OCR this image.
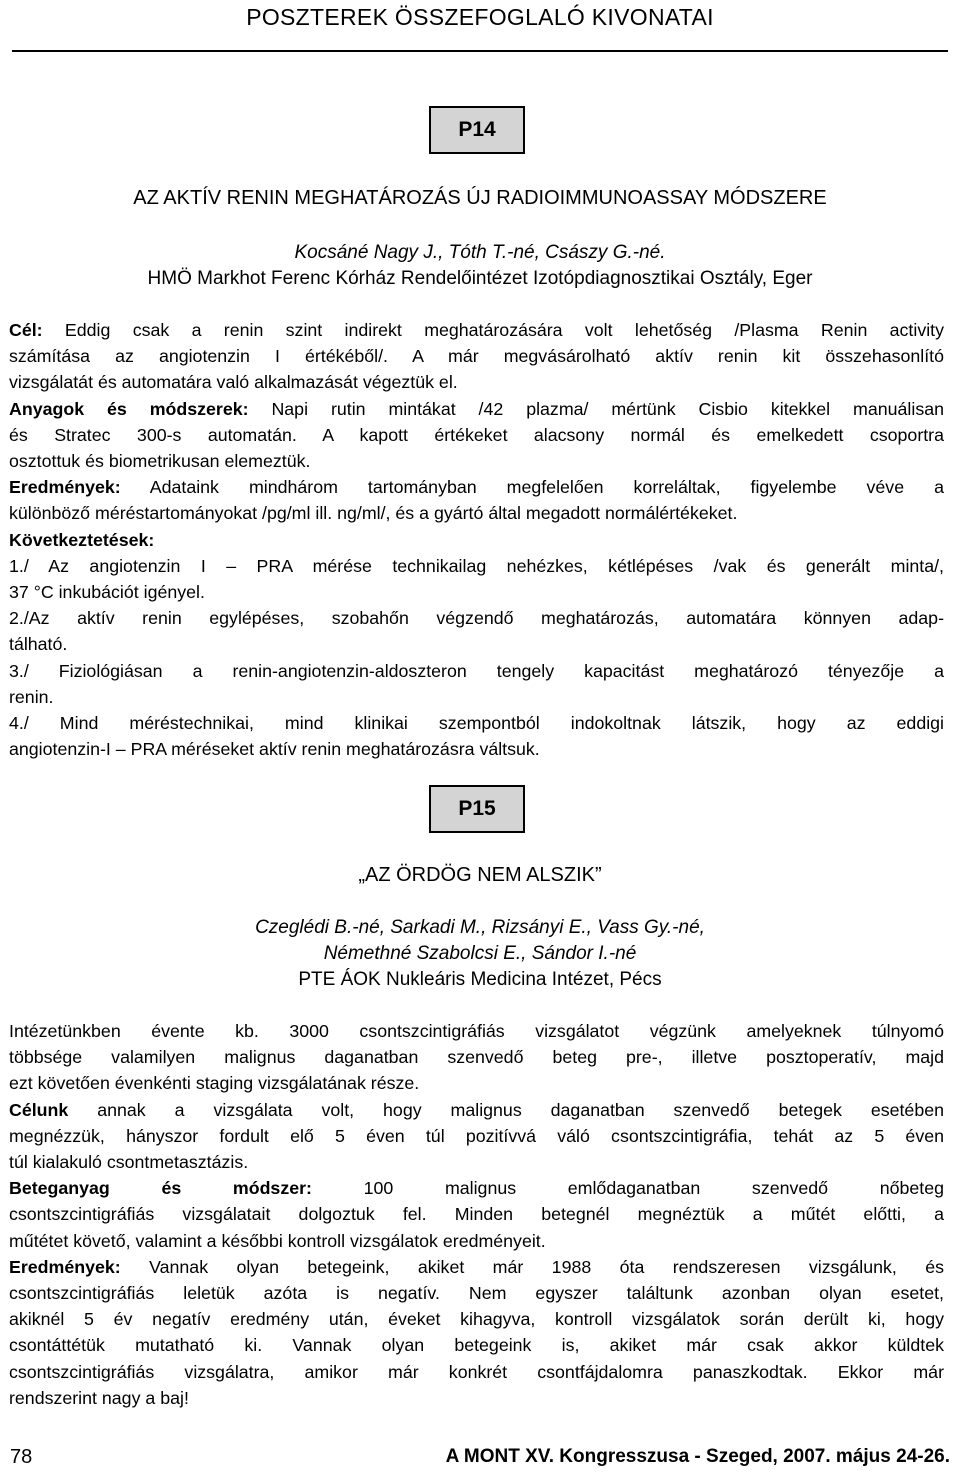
POSZTEREK ÖSSZEFOGLALÓ KIVONATAI
P14
AZ AKTÍV RENIN MEGHATÁROZÁS ÚJ RADIOIMMUNOASSAY MÓDSZERE
Kocsáné Nagy J., Tóth T.-né, Császy G.-né.
HMÖ Markhot Ferenc Kórház Rendelőintézet Izotópdiagnosztikai Osztály, Eger
Cél: Eddig csak a renin szint indirekt meghatározására volt lehetőség /Plasma Renin activity
számítása az angiotenzin I értékéből/. A már megvásárolható aktív renin kit összehasonlító
vizsgálatát és automatára való alkalmazását végeztük el.
Anyagok és módszerek: Napi rutin mintákat /42 plazma/ mértünk Cisbio kitekkel manuálisan
és Stratec 300-s automatán. A kapott értékeket alacsony normál és emelkedett csoportra
osztottuk és biometrikusan elemeztük.
Eredmények: Adataink mindhárom tartományban megfelelően korreláltak, figyelembe véve a
különböző méréstartományokat /pg/ml ill. ng/ml/, és a gyártó által megadott normálértékeket.
Következtetések:
1./ Az angiotenzin I – PRA mérése technikailag nehézkes, kétlépéses /vak és generált minta/,
37 °C inkubációt igényel.
2./Az aktív renin egylépéses, szobahőn végzendő meghatározás, automatára könnyen adap-
tálható.
3./ Fiziológiásan a renin-angiotenzin-aldoszteron tengely kapacitást meghatározó tényezője a
renin.
4./ Mind méréstechnikai, mind klinikai szempontból indokoltnak látszik, hogy az eddigi
angiotenzin-I – PRA méréseket aktív renin meghatározásra váltsuk.
P15
„AZ ÖRDÖG NEM ALSZIK”
Czeglédi B.-né, Sarkadi M., Rizsányi E., Vass Gy.-né,
Némethné Szabolcsi E., Sándor I.-né
PTE ÁOK Nukleáris Medicina Intézet, Pécs
Intézetünkben évente kb. 3000 csontszcintigráfiás vizsgálatot végzünk amelyeknek túlnyomó
többsége valamilyen malignus daganatban szenvedő beteg pre-, illetve posztoperatív, majd
ezt követően évenkénti staging vizsgálatának része.
Célunk annak a vizsgálata volt, hogy malignus daganatban szenvedő betegek esetében
megnézzük, hányszor fordult elő 5 éven túl pozitívvá váló csontszcintigráfia, tehát az 5 éven
túl kialakuló csontmetasztázis.
Beteganyag és módszer:	100 malignus emlődaganatban szenvedő nőbeteg
csontszcintigráfiás vizsgálatait dolgoztuk fel. Minden betegnél megnéztük a műtét előtti, a
műtétet követő, valamint a későbbi kontroll vizsgálatok eredményeit.
Eredmények: Vannak olyan betegeink, akiket már 1988 óta rendszeresen vizsgálunk, és
csontszcintigráfiás leletük azóta is negatív. Nem egyszer találtunk azonban olyan esetet,
akiknél 5 év negatív eredmény után, éveket kihagyva, kontroll vizsgálatok során derült ki, hogy
csontáttétük mutatható ki. Vannak olyan betegeink is, akiket már csak akkor küldtek
csontszcintigráfiás vizsgálatra, amikor már konkrét csontfájdalomra panaszkodtak. Ekkor már
rendszerint nagy a baj!
78	A MONT XV. Kongresszusa - Szeged, 2007. május 24-26.
